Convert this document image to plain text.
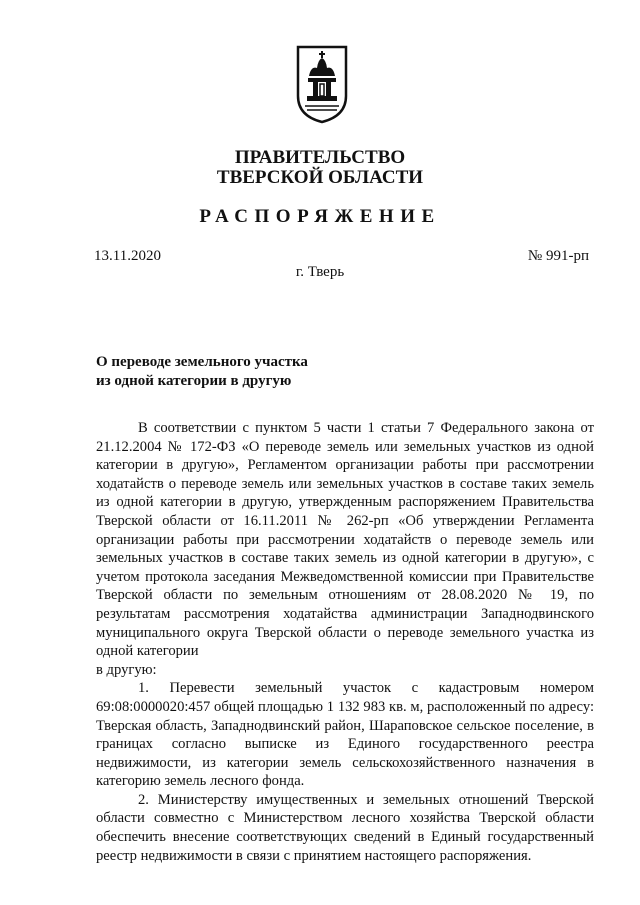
ПРАВИТЕЛЬСТВО
ТВЕРСКОЙ ОБЛАСТИ
РАСПОРЯЖЕНИЕ
13.11.2020	№ 991-рп
г. Тверь
О переводе земельного участка
из одной категории в другую

В соответствии с пунктом 5 части 1 статьи 7 Федерального закона от 21.12.2004 № 172-ФЗ «О переводе земель или земельных участков из одной категории в другую», Регламентом организации работы при рассмотрении ходатайств о переводе земель или земельных участков в составе таких земель из одной категории в другую, утвержденным распоряжением Правительства Тверской области от 16.11.2011 № 262-рп «Об утверждении Регламента организации работы при рассмотрении ходатайств о переводе земель или земельных участков в составе таких земель из одной категории в другую», с учетом протокола заседания Межведомственной комиссии при Правительстве Тверской области по земельным отношениям от 28.08.2020 № 19, по результатам рассмотрения ходатайства администрации Западнодвинского муниципального округа Тверской области о переводе земельного участка из одной категории

в другую:

1. Перевести земельный участок с кадастровым номером 69:08:0000020:457 общей площадью 1 132 983 кв. м, расположенный по адресу: Тверская область, Западнодвинский район, Шараповское сельское поселение, в границах согласно выписке из Единого государственного реестра недвижимости, из категории земель сельскохозяйственного назначения в категорию земель лесного фонда.

2. Министерству имущественных и земельных отношений Тверской области совместно с Министерством лесного хозяйства Тверской области обеспечить внесение соответствующих сведений в Единый государственный реестр недвижимости в связи с принятием настоящего распоряжения.
